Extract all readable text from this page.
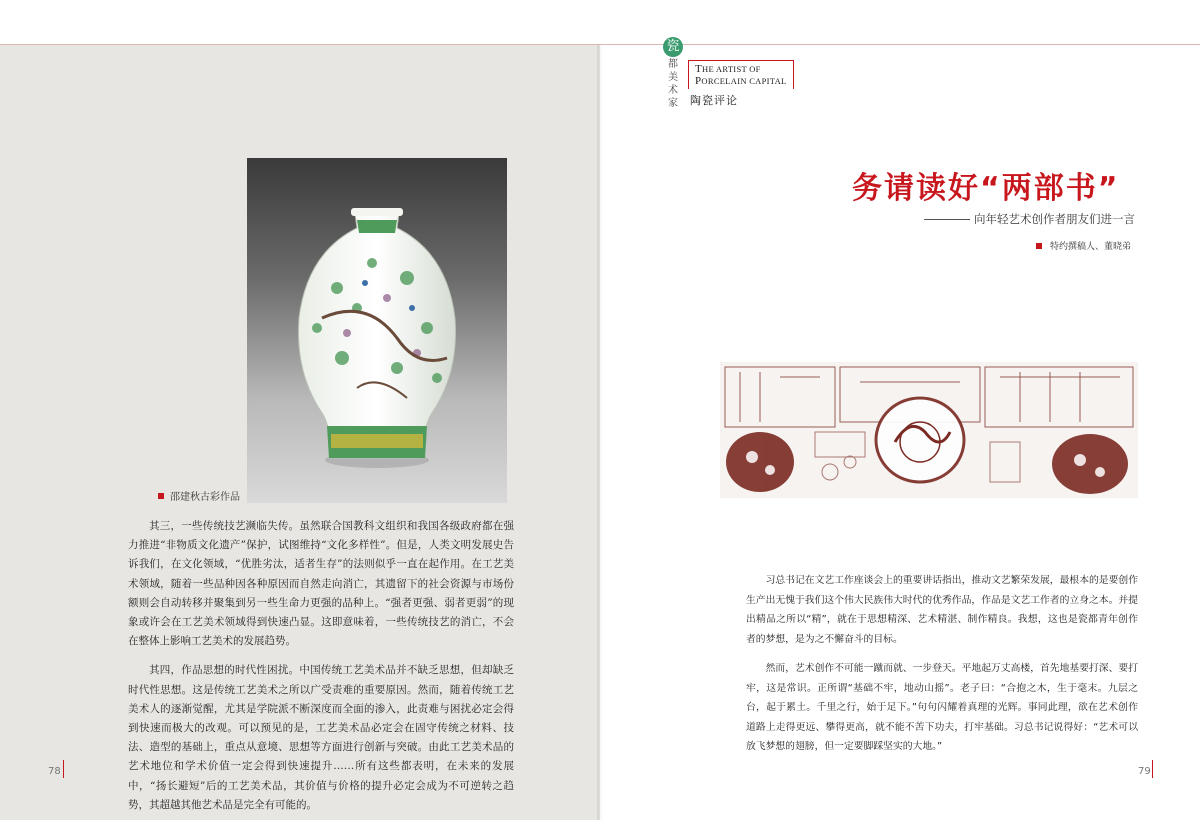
邵建秋古彩作品

其三，一些传统技艺濒临失传。虽然联合国教科文组织和我国各级政府都在强力推进“非物质文化遗产”保护，试图维持“文化多样性”。但是，人类文明发展史告诉我们，在文化领域，“优胜劣汰，适者生存”的法则似乎一直在起作用。在工艺美术领域，随着一些品种因各种原因而自然走向消亡，其遗留下的社会资源与市场份额则会自动转移并聚集到另一些生命力更强的品种上。“强者更强、弱者更弱”的现象或许会在工艺美术领域得到快速凸显。这即意味着，一些传统技艺的消亡，不会在整体上影响工艺美术的发展趋势。

其四，作品思想的时代性困扰。中国传统工艺美术品并不缺乏思想，但却缺乏时代性思想。这是传统工艺美术之所以广受责难的重要原因。然而，随着传统工艺美术人的逐渐觉醒，尤其是学院派不断深度而全面的渗入，此责难与困扰必定会得到快速而极大的改观。可以预见的是，工艺美术品必定会在固守传统之材料、技法、造型的基础上，重点从意境、思想等方面进行创新与突破。由此工艺美术品的艺术地位和学术价值一定会得到快速提升……所有这些都表明，在未来的发展中，“扬长避短”后的工艺美术品，其价值与价格的提升必定会成为不可逆转之趋势，其超越其他艺术品是完全有可能的。

78
瓷
都美术家
THE ARTIST OF
PORCELAIN CAPITAL
陶瓷评论
务请读好“两部书”
向年轻艺术创作者朋友们进一言
特约撰稿人、董晓弟

习总书记在文艺工作座谈会上的重要讲话指出，推动文艺繁荣发展，最根本的是要创作生产出无愧于我们这个伟大民族伟大时代的优秀作品，作品是文艺工作者的立身之本。并提出精品之所以“精”，就在于思想精深、艺术精湛、制作精良。我想，这也是瓷都青年创作者的梦想，是为之不懈奋斗的目标。

然而，艺术创作不可能一蹴而就、一步登天。平地起万丈高楼，首先地基要打深、要打牢，这是常识。正所谓“基础不牢，地动山摇”。老子曰：“合抱之木，生于毫末。九层之台，起于累土。千里之行，始于足下。”句句闪耀着真理的光辉。事同此理，欲在艺术创作道路上走得更远、攀得更高，就不能不苦下功夫，打牢基础。习总书记说得好：“艺术可以放飞梦想的翅膀，但一定要脚踩坚实的大地。”

79
